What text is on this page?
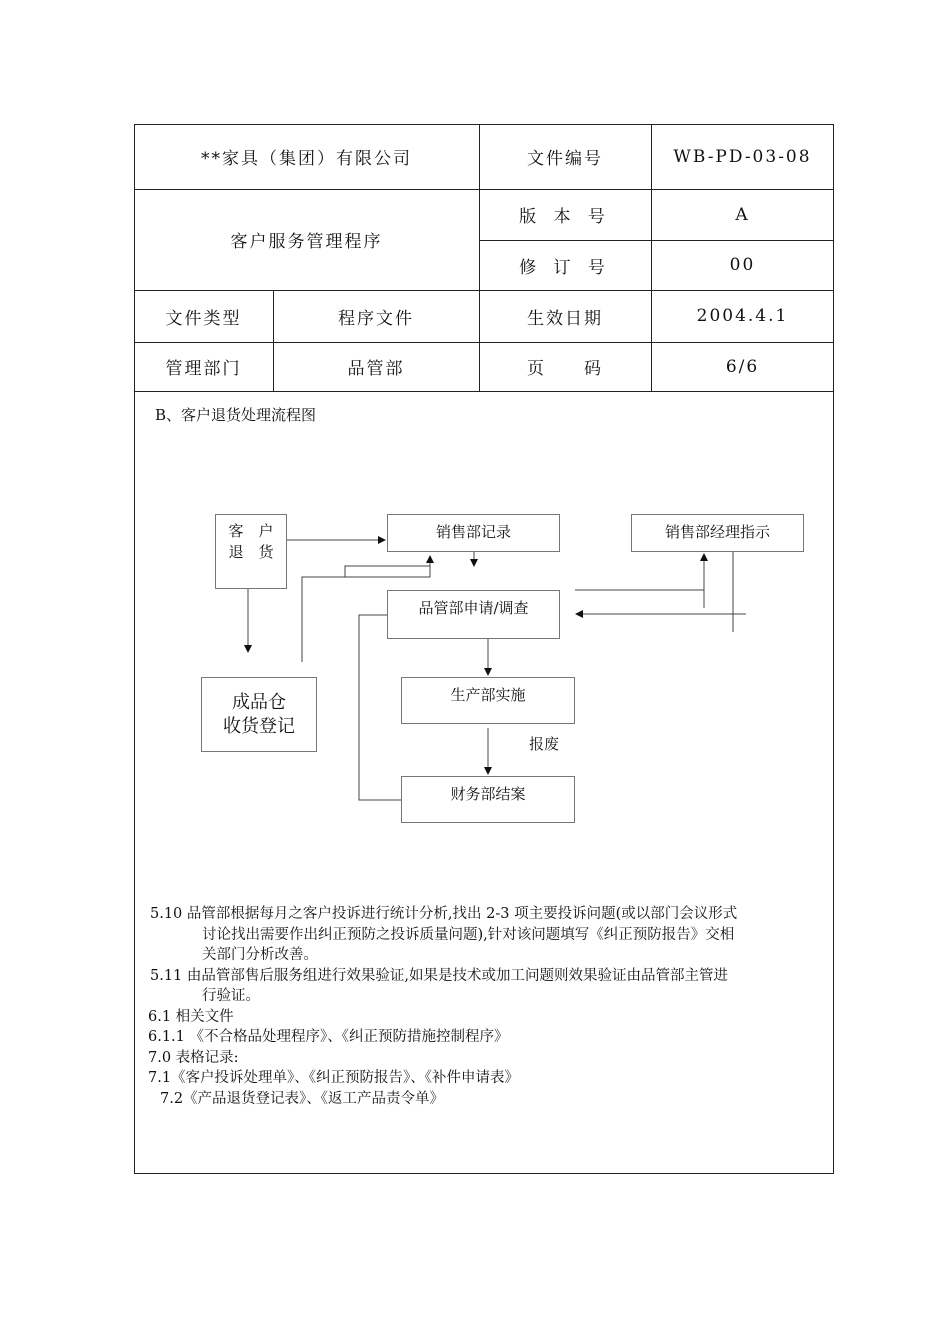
**家具（集团）有限公司
客户服务管理程序
文件编号	WB-PD-03-08
版 本 号	A
修 订 号	00
文件类型	程序文件	生效日期	2004.4.1
管理部门	品管部	页　　码	6/6
B、客户退货处理流程图
客　户
退　货
销售部记录	销售部经理指示
品管部申请/调查
成品仓
收货登记
生产部实施
报废
财务部结案

5.10 品管部根据每月之客户投诉进行统计分析,找出 2-3 项主要投诉问题(或以部门会议形式

讨论找出需要作出纠正预防之投诉质量问题),针对该问题填写《纠正预防报告》交相

关部门分析改善。

5.11 由品管部售后服务组进行效果验证,如果是技术或加工问题则效果验证由品管部主管进

行验证。

6.1 相关文件

6.1.1 《不合格品处理程序》、《纠正预防措施控制程序》

7.0 表格记录:

7.1《客户投诉处理单》、《纠正预防报告》、《补件申请表》

7.2《产品退货登记表》、《返工产品责令单》
